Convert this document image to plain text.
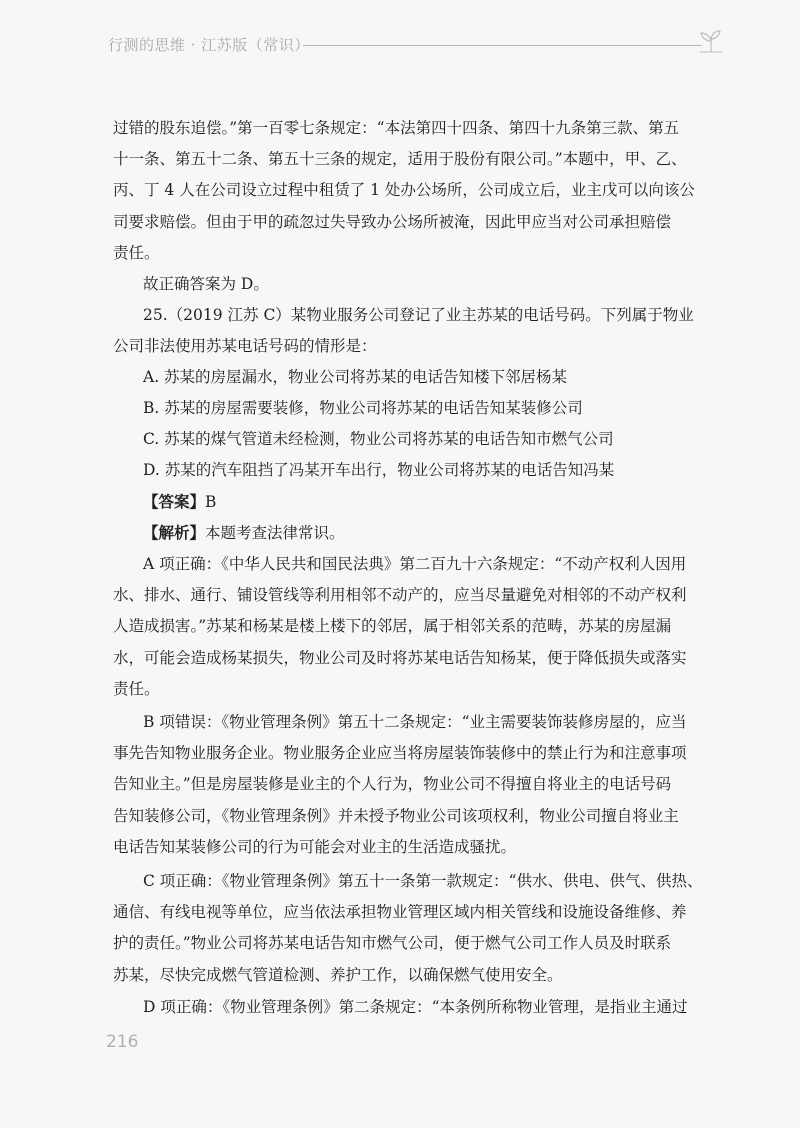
行测的思维 · 江苏版（常识）
过错的股东追偿。”第一百零七条规定：“本法第四十四条、第四十九条第三款、第五
十一条、第五十二条、第五十三条的规定，适用于股份有限公司。”本题中，甲、乙、
丙、丁 4 人在公司设立过程中租赁了 1 处办公场所，公司成立后，业主戊可以向该公
司要求赔偿。但由于甲的疏忽过失导致办公场所被淹，因此甲应当对公司承担赔偿
责任。
故正确答案为 D。
25.（2019 江苏 C）某物业服务公司登记了业主苏某的电话号码。下列属于物业
公司非法使用苏某电话号码的情形是：
A. 苏某的房屋漏水，物业公司将苏某的电话告知楼下邻居杨某
B. 苏某的房屋需要装修，物业公司将苏某的电话告知某装修公司
C. 苏某的煤气管道未经检测，物业公司将苏某的电话告知市燃气公司
D. 苏某的汽车阻挡了冯某开车出行，物业公司将苏某的电话告知冯某
【答案】B
【解析】本题考查法律常识。
A 项正确：《中华人民共和国民法典》第二百九十六条规定：“不动产权利人因用
水、排水、通行、铺设管线等利用相邻不动产的，应当尽量避免对相邻的不动产权利
人造成损害。”苏某和杨某是楼上楼下的邻居，属于相邻关系的范畴，苏某的房屋漏
水，可能会造成杨某损失，物业公司及时将苏某电话告知杨某，便于降低损失或落实
责任。
B 项错误：《物业管理条例》第五十二条规定：“业主需要装饰装修房屋的，应当
事先告知物业服务企业。物业服务企业应当将房屋装饰装修中的禁止行为和注意事项
告知业主。”但是房屋装修是业主的个人行为，物业公司不得擅自将业主的电话号码
告知装修公司，《物业管理条例》并未授予物业公司该项权利，物业公司擅自将业主
电话告知某装修公司的行为可能会对业主的生活造成骚扰。
C 项正确：《物业管理条例》第五十一条第一款规定：“供水、供电、供气、供热、
通信、有线电视等单位，应当依法承担物业管理区域内相关管线和设施设备维修、养
护的责任。”物业公司将苏某电话告知市燃气公司，便于燃气公司工作人员及时联系
苏某，尽快完成燃气管道检测、养护工作，以确保燃气使用安全。
D 项正确：《物业管理条例》第二条规定：“本条例所称物业管理，是指业主通过
216
